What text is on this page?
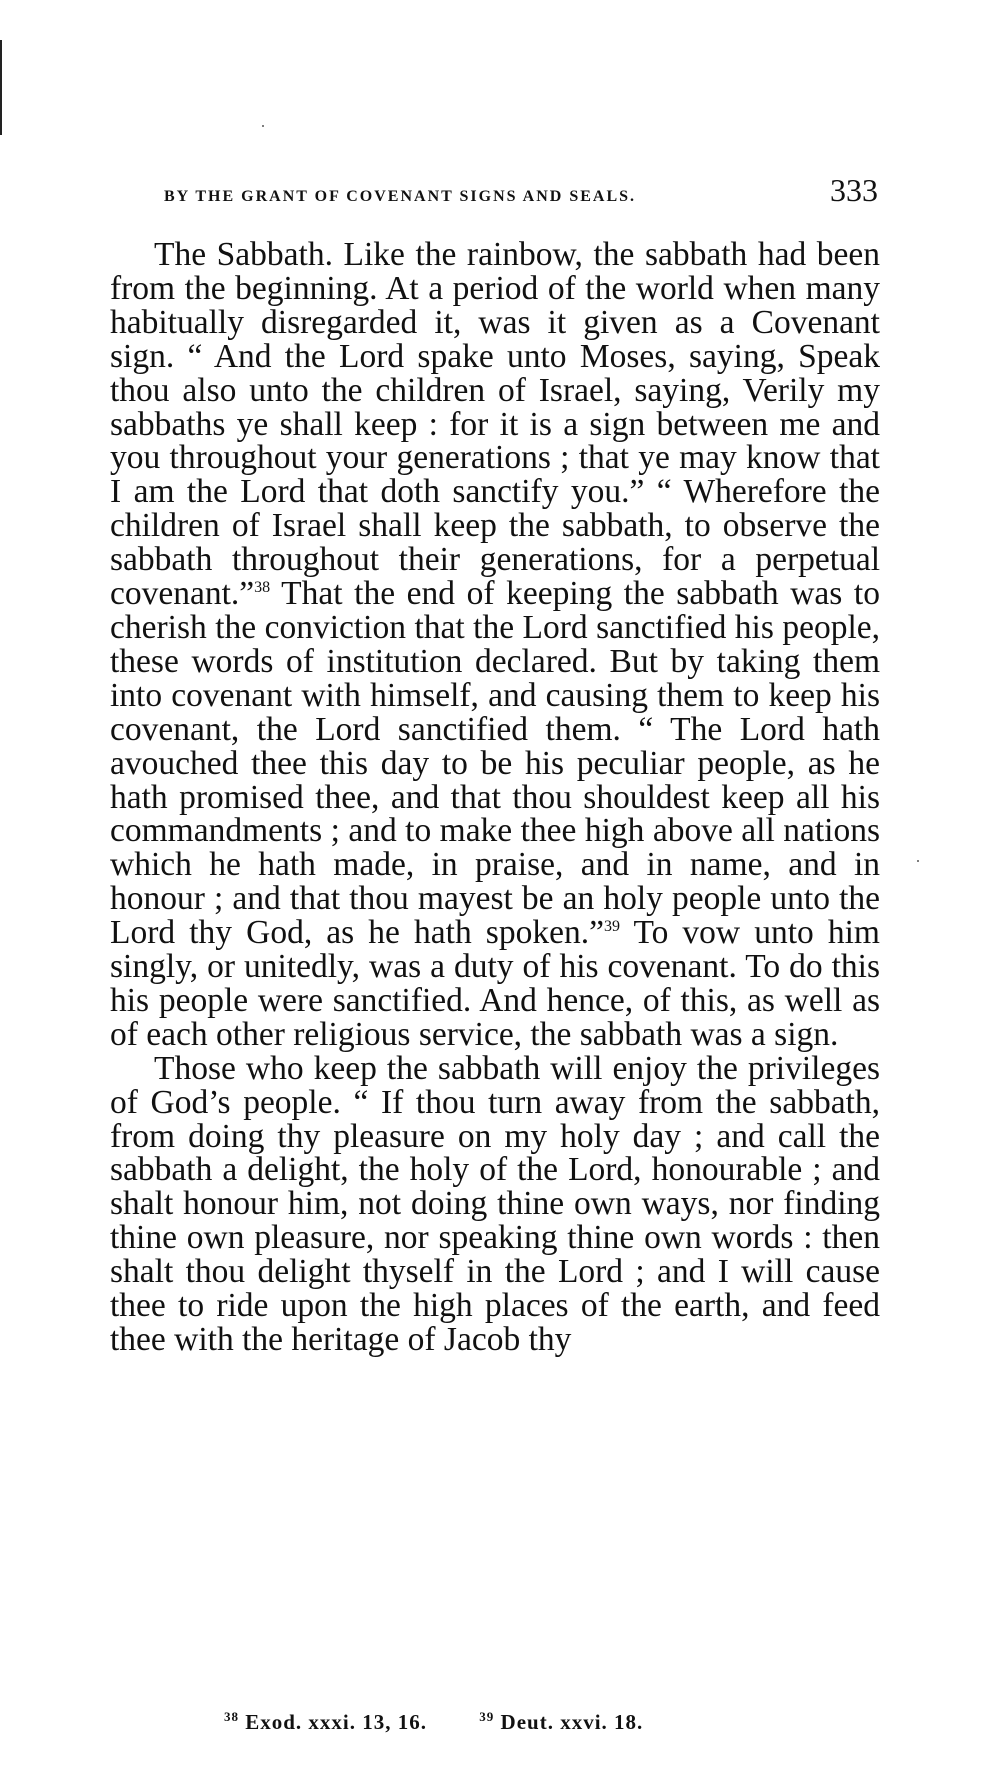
BY THE GRANT OF COVENANT SIGNS AND SEALS.	333

The Sabbath. Like the rainbow, the sabbath had been from the beginning. At a period of the world when many habitually disregarded it, was it given as a Covenant sign. “ And the Lord spake unto Moses, saying, Speak thou also unto the children of Israel, saying, Verily my sabbaths ye shall keep : for it is a sign between me and you throughout your generations ; that ye may know that I am the Lord that doth sanctify you.” “ Wherefore the children of Israel shall keep the sabbath, to observe the sabbath throughout their generations, for a perpetual covenant.”$^{38}$ That the end of keeping the sabbath was to cherish the conviction that the Lord sanctified his people, these words of institution declared. But by taking them into covenant with himself, and causing them to keep his covenant, the Lord sanctified them. “ The Lord hath avouched thee this day to be his peculiar people, as he hath promised thee, and that thou shouldest keep all his commandments ; and to make thee high above all nations which he hath made, in praise, and in name, and in honour ; and that thou mayest be an holy people unto the Lord thy God, as he hath spoken.”$^{39}$ To vow unto him singly, or unitedly, was a duty of his covenant. To do this his people were sanctified. And hence, of this, as well as of each other religious service, the sabbath was a sign.

Those who keep the sabbath will enjoy the privileges of God’s people. “ If thou turn away from the sabbath, from doing thy pleasure on my holy day ; and call the sabbath a delight, the holy of the Lord, honourable ; and shalt honour him, not doing thine own ways, nor finding thine own pleasure, nor speaking thine own words : then shalt thou delight thyself in the Lord ; and I will cause thee to ride upon the high places of the earth, and feed thee with the heritage of Jacob thy

$^{38}$ Exod. xxxi. 13, 16.	$^{39}$ Deut. xxvi. 18.
